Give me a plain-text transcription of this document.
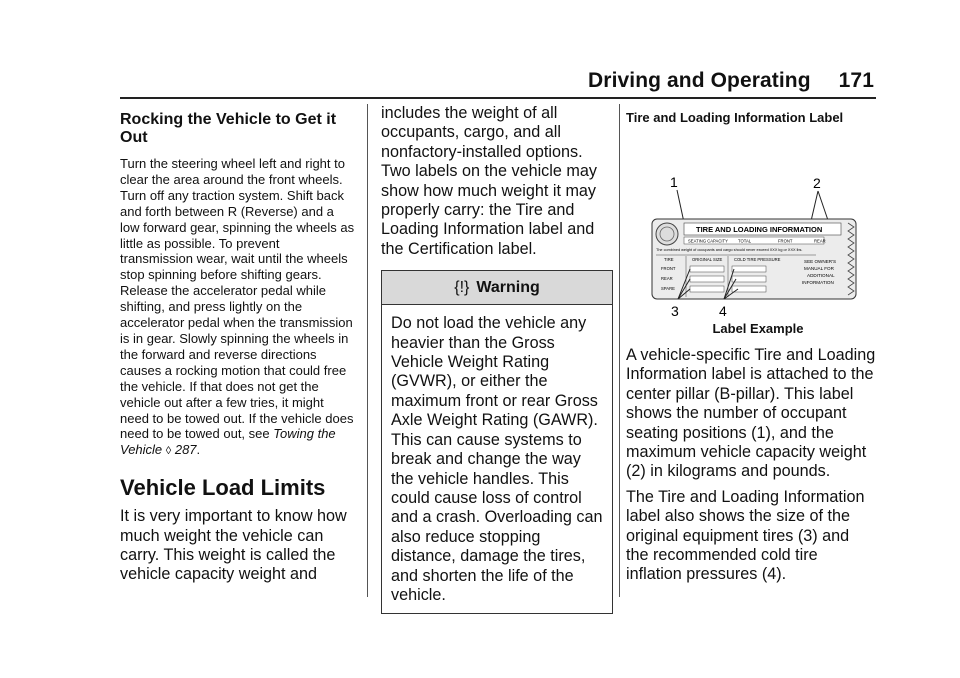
Driving and Operating 171

Rocking the Vehicle to Get it Out

Turn the steering wheel left and right to clear the area around the front wheels. Turn off any traction system. Shift back and forth between R (Reverse) and a low forward gear, spinning the wheels as little as possible. To prevent transmission wear, wait until the wheels stop spinning before shifting gears. Release the accelerator pedal while shifting, and press lightly on the accelerator pedal when the transmission is in gear. Slowly spinning the wheels in the forward and reverse directions causes a rocking motion that could free the vehicle. If that does not get the vehicle out after a few tries, it might need to be towed out. If the vehicle does need to be towed out, see Towing the Vehicle ◊ 287.

Vehicle Load Limits

It is very important to know how much weight the vehicle can carry. This weight is called the vehicle capacity weight and

includes the weight of all occupants, cargo, and all nonfactory-installed options. Two labels on the vehicle may show how much weight it may properly carry: the Tire and Loading Information label and the Certification label.

{!} Warning
Do not load the vehicle any heavier than the Gross Vehicle Weight Rating (GVWR), or either the maximum front or rear Gross Axle Weight Rating (GAWR). This can cause systems to break and change the way the vehicle handles. This could cause loss of control and a crash. Overloading can also reduce stopping distance, damage the tires, and shorten the life of the vehicle.

Tire and Loading Information Label

TIRE AND LOADING INFORMATION
SEATING CAPACITY TOTAL	FRONT	REAR
The combined weight of occupants and cargo should never exceed XXX kg or XXX lbs.
TIRE	ORIGINAL SIZE	COLD TIRE PRESSURE
FRONT
REAR
SPARE
SEE OWNER'S
MANUAL FOR
ADDITIONAL
INFORMATION
1	2
3	4

Label Example

A vehicle-specific Tire and Loading Information label is attached to the center pillar (B-pillar). This label shows the number of occupant seating positions (1), and the maximum vehicle capacity weight (2) in kilograms and pounds.

The Tire and Loading Information label also shows the size of the original equipment tires (3) and the recommended cold tire inflation pressures (4).
